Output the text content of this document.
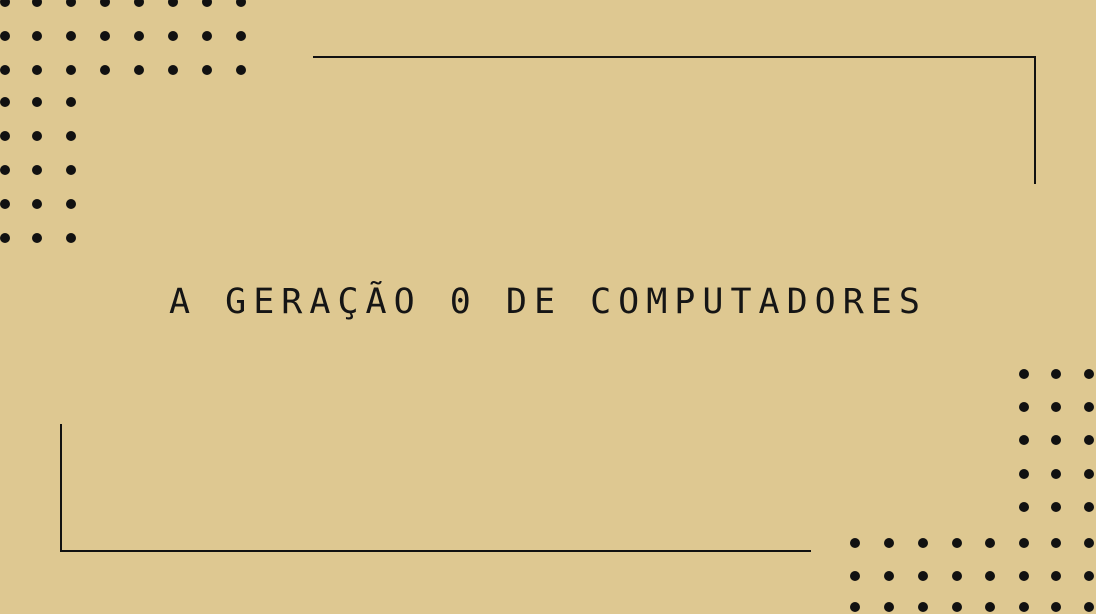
A GERAÇÃO 0 DE COMPUTADORES
